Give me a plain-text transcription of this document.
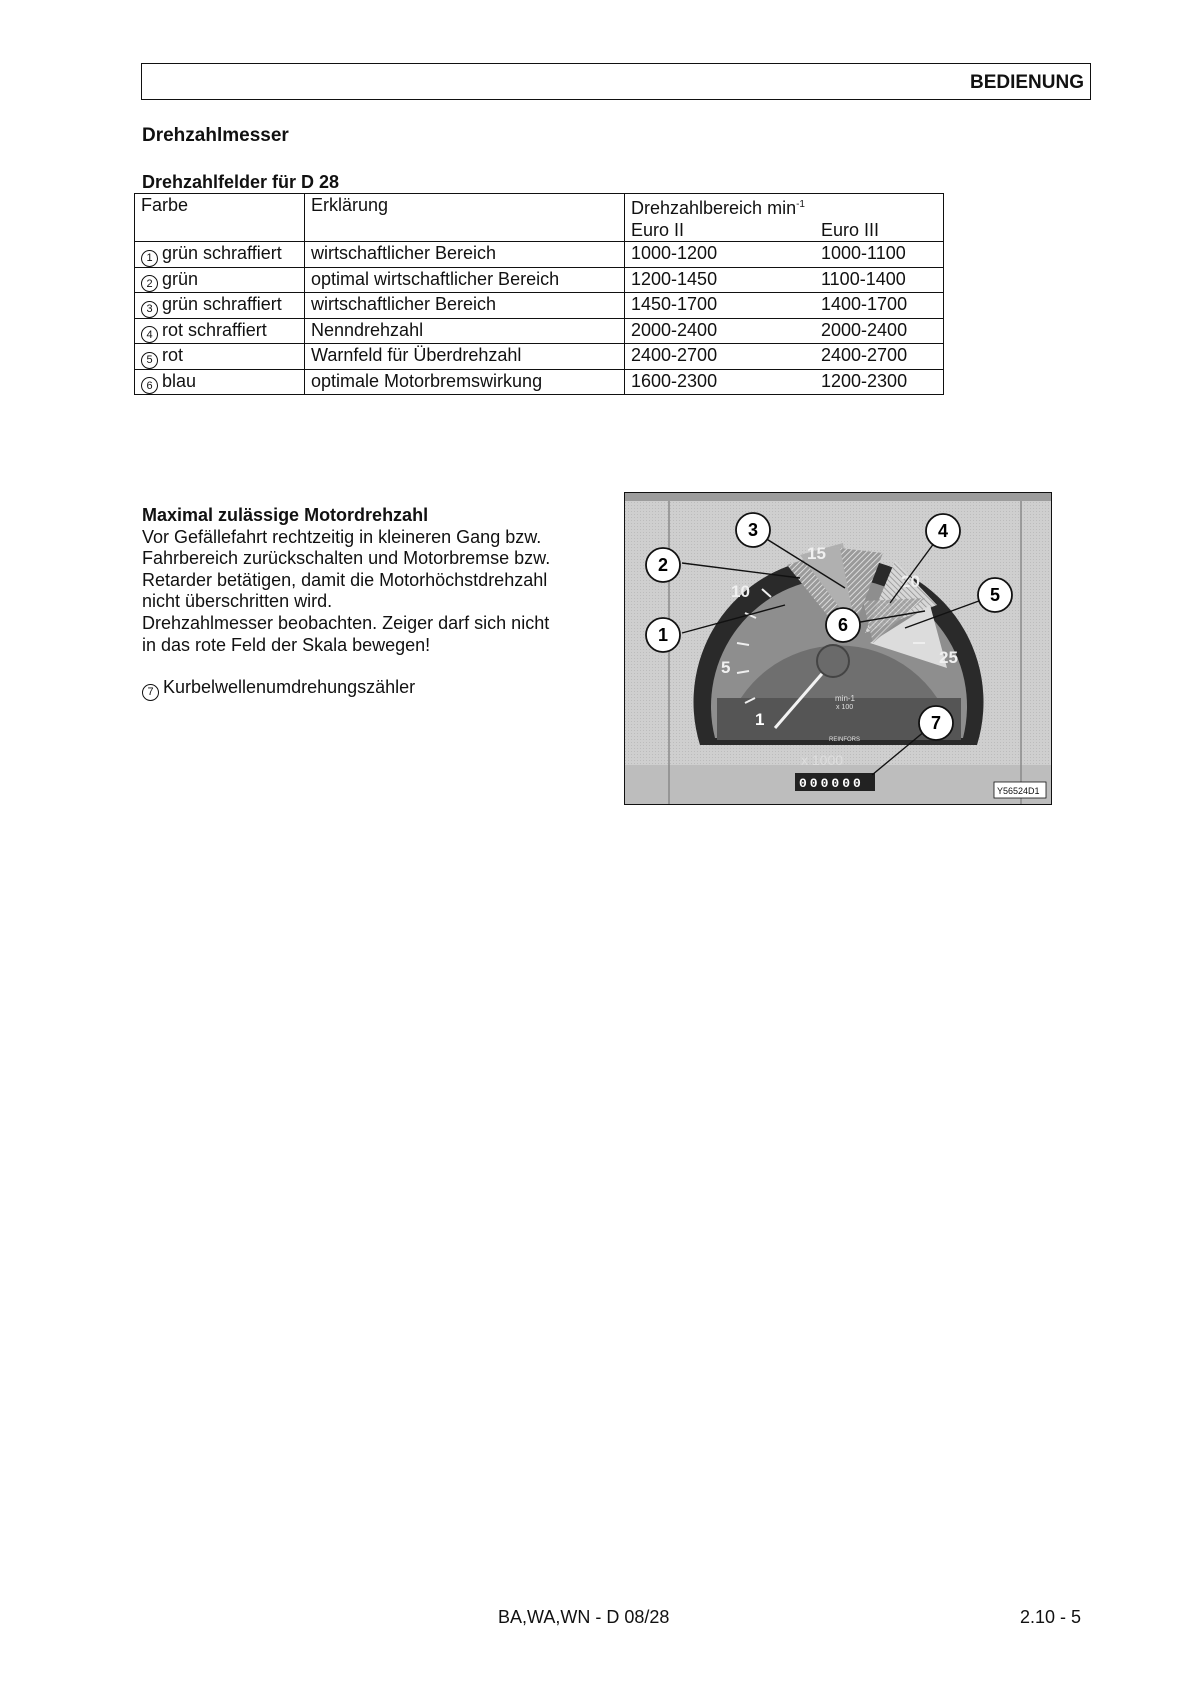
BEDIENUNG
Drehzahlmesser
Drehzahlfelder für D 28
Farbe	Erklärung	Drehzahlbereich $\min^{-1}$
Euro II Euro III

1 grün schraffiert	wirtschaftlicher Bereich	1000-1200 1000-1100

2 grün	optimal wirtschaftlicher Bereich	1200-1450 1100-1400

3 grün schraffiert	wirtschaftlicher Bereich	1450-1700 1400-1700

4 rot schraffiert	Nenndrehzahl	2000-2400 2000-2400

5 rot	Warnfeld für Überdrehzahl	2400-2700 2400-2700

6 blau	optimale Motorbremswirkung	1600-2300 1200-2300
Maximal zulässige Motordrehzahl
Vor Gefällefahrt rechtzeitig in kleineren Gang bzw.
Fahrbereich zurückschalten und Motorbremse bzw.
Retarder betätigen, damit die Motorhöchstdrehzahl
nicht überschritten wird.
Drehzahlmesser beobachten. Zeiger darf sich nicht
in das rote Feld der Skala bewegen!
7 Kurbelwellenumdrehungszähler
1
5
10
15
20
25
min-1
x 100
REINFORS
x 1000
000000	Y56524D1
1
2
3	4
5
6
7
BA,WA,WN - D 08/28	2.10 - 5
